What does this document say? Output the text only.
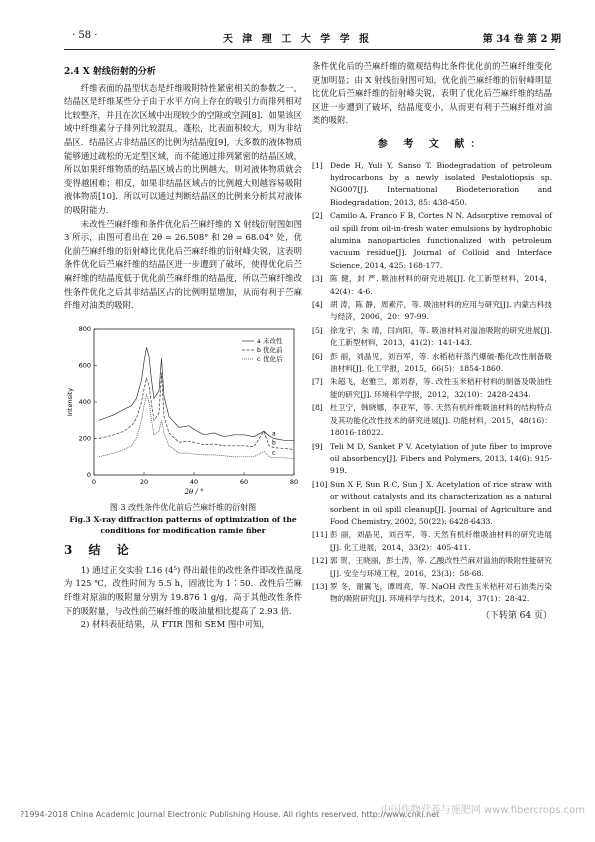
· 58 ·	天 津 理 工 大 学 学 报	第 34 卷 第 2 期
2.4 X 射线衍射的分析

纤维表面的晶型状态是纤维吸附特性紧密相关的参数之一，结晶区是纤维某些分子由于水平方向上存在的吸引力而排列相对比较整齐，并且在次区域中出现较少的空隙或空洞[8]．如果该区域中纤维素分子排列比较混乱，蓬松，比表面积较大，则为非结晶区．结晶区占非结晶区的比例为结晶度[9]，大多数的液体物质能够通过疏松的无定型区域，而不能通过排列紧密的结晶区域，所以如果纤维物质的结晶区域占的比例越大，则对液体物质就会变得越困难；相反，如果非结晶区域占的比例越大则越容易吸附液体物质[10]．所以可以通过判断结晶区的比例来分析其对液体的吸附能力．

未改性苎麻纤维和条件优化后苎麻纤维的 X 射线衍射图如图 3 所示，由图可看出在 2θ = 26.508° 和 2θ = 68.04° 处，优化前苎麻纤维的衍射峰比优化后苎麻纤维的衍射峰尖锐，这表明条件优化后苎麻纤维的结晶区进一步遭到了破坏，使得优化后苎麻纤维的结晶度低于优化前苎麻纤维的结晶度，所以苎麻纤维改性条件优化之后其非结晶区占的比例明显增加，从而有利于苎麻纤维对油类的吸附．

0	20	40	60	80
0
200
400
600
800
2θ / °
Intensity
a
b
c
a 未改性
b 优化前
c 优化后
图 3 改性条件优化前后苎麻纤维的衍射图
Fig.3 X-ray diffraction patterns of optimization of the
conditions for modification ramie fiber
3 结 论

1) 通过正交实验 L16 (4⁵) 得出最佳的改性条件即改性温度为 125 ℃，改性时间为 5.5 h，固液比为 1∶50．改性后苎麻纤维对原油的吸附量分别为 19.876 1 g/g，高于其他改性条件下的吸附量，与改性前苎麻纤维的吸油量相比提高了 2.93 倍．

2) 材料表征结果，从 FTIR 图和 SEM 图中可知，

条件优化后的苎麻纤维的微观结构比条件优化前的苎麻纤维变化更加明显；由 X 射线衍射图可知，优化前苎麻纤维的衍射峰明显比优化后苎麻纤维的衍射峰尖锐，表明了优化后苎麻纤维的结晶区进一步遭到了破坏，结晶度变小，从而更有利于苎麻纤维对油类的吸附．

参 考 文 献：
[1] Dede H, Yuli Y, Sanso T. Biodegradation of petroleum hydrocarbons by a newly isolated Pestalotiopsis sp. NG007[J]. International Biodeterioration and Biodegradation, 2013, 85: 438-450.
[2] Camilo A, Franco F B, Cortes N N. Adsorptive removal of oil spill from oil-in-fresh water emulsions by hydrophobic alumina nanoparticles functionalized with petroleum vacuum residue[J]. Journal of Colloid and Interface Science, 2014, 425: 168-177.
[3] 陈 健，封 严. 吸油材料的研究进展[J]. 化工新型材料，2014，42(4)：4-6.
[4] 胡 涛，陈 静，周素芹，等. 吸油材料的应用与研究[J]. 内蒙古科技与经济，2006，20：97-99.
[5] 徐龙宇，朱 靖，闫向阳，等. 吸油材料对溢油吸附的研究进展[J]. 化工新型材料，2013，41(2)：141-143.
[6] 彭 丽，刘晶见，刘百军，等. 水稻秸秆蒸汽爆破-酯化改性制备吸油材料[J]. 化工学报，2015，66(5)：1854-1860.
[7] 朱超飞，赵雅兰，郑刘春，等. 改性玉米秸秆材料的制备及吸油性能的研究[J]. 环境科学学报，2012，32(10)：2428-2434.
[8] 杜卫宁，韩晓娜，李亚军，等. 天然有机纤维吸油材料的结构特点及其功能化改性技术的研究进展[J]. 功能材料，2015，48(16)：18016-18022.
[9] Teli M D, Sanket P V. Acetylation of jute fiber to improve oil absorbency[J]. Fibers and Polymers, 2013, 14(6): 915-919.
[10] Sun X F, Sun R C, Sun J X. Acetylation of rice straw with or without catalysts and its characterization as a natural sorbent in oil spill cleanup[J]. Journal of Agriculture and Food Chemistry, 2002, 50(22): 6428-6433.
[11] 彭 丽，刘晶见，刘百军，等. 天然有机纤维吸油材料的研究进展[J]. 化工进展，2014，33(2)：405-411.
[12] 郭 贺，王晓丽，彭士涛，等. 乙酸改性苎麻对溢油的吸附性能研究[J]. 安全与环境工程，2016，23(3)：58-68.
[13] 罗 冬，谢翼飞，谭周亮，等. NaOH 改性玉米秸秆对石油类污染物的吸附研究[J]. 环境科学与技术，2014，37(1)：28-42.
（下转第 64 页）
?1994-2018 China Academic Journal Electronic Publishing House. All rights reserved. http://www.cnki.net
中国作物营养与施肥网 www.fibercrops.com
